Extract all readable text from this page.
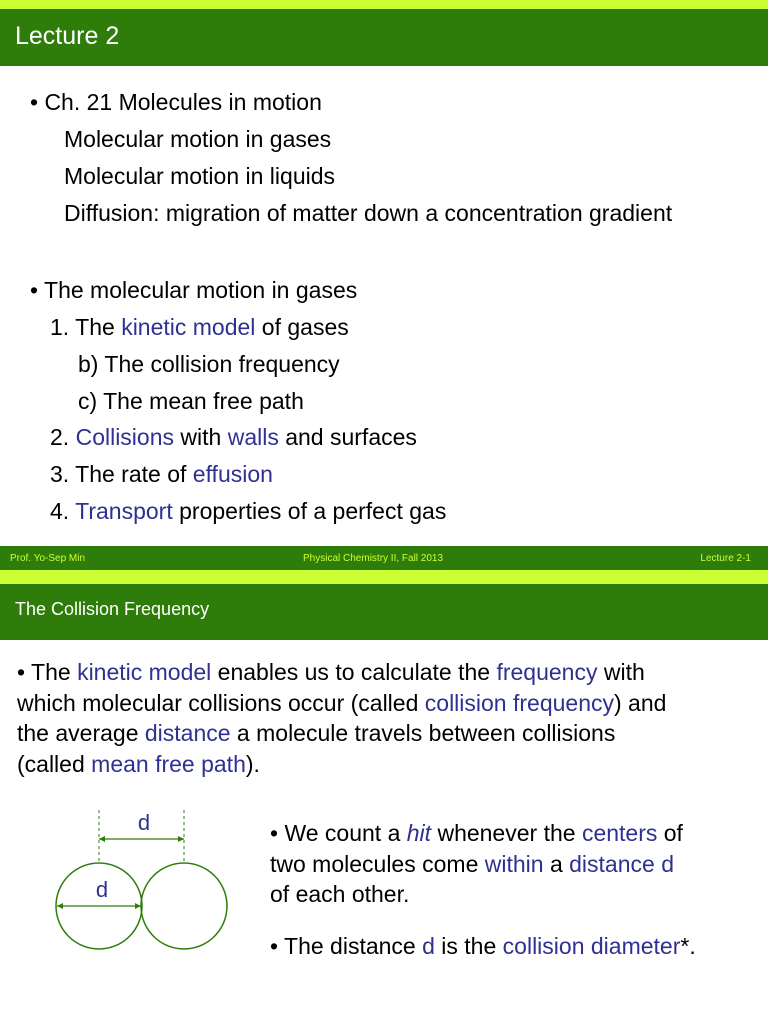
Lecture 2
• Ch. 21 Molecules in motion
Molecular motion in gases
Molecular motion in liquids
Diffusion: migration of matter down a concentration gradient
• The molecular motion in gases
1. The kinetic model of gases
b) The collision frequency
c) The mean free path
2. Collisions with walls and surfaces
3. The rate of effusion
4. Transport properties of a perfect gas
Prof. Yo-Sep Min	Physical Chemistry II, Fall 2013	Lecture 2-1
The Collision Frequency
• The kinetic model enables us to calculate the frequency with
which molecular collisions occur (called collision frequency) and
the average distance a molecule travels between collisions
(called mean free path).
d
d
• We count a hit whenever the centers of
two molecules come within a distance d
of each other.
• The distance d is the collision diameter*.
